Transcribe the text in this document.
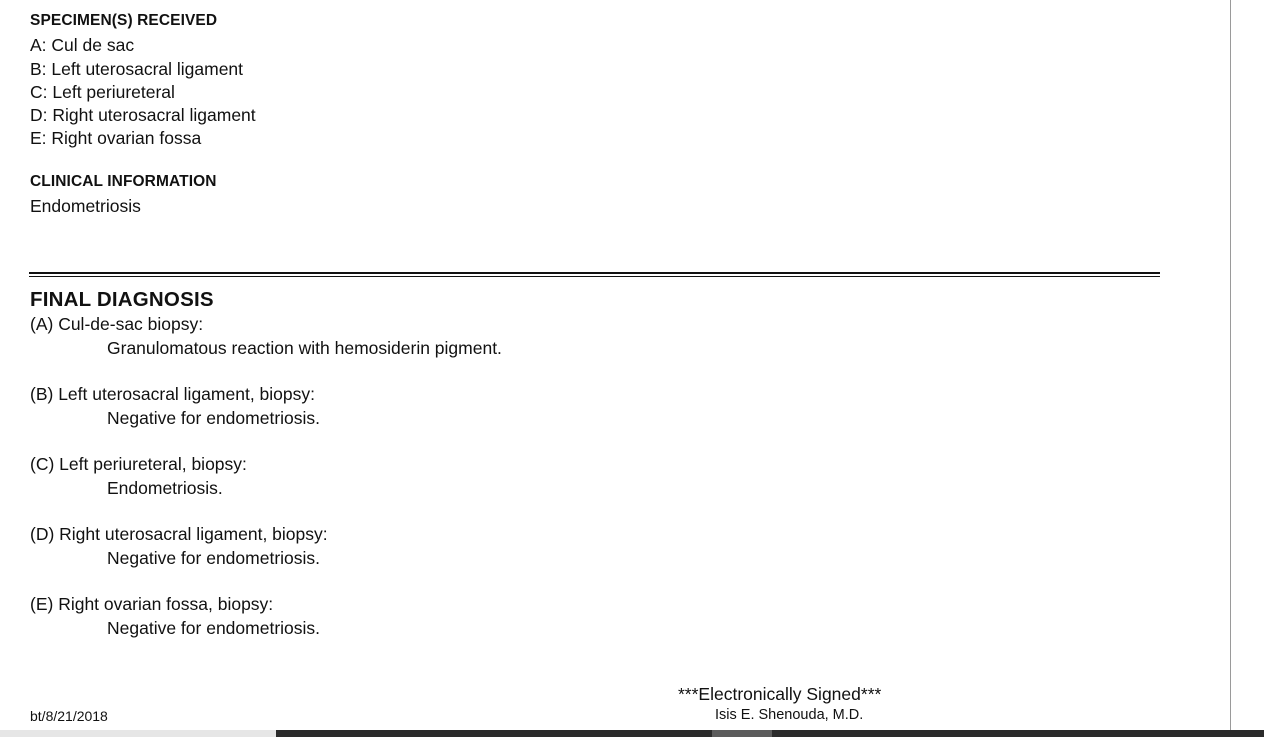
SPECIMEN(S) RECEIVED

A: Cul de sac

B: Left uterosacral ligament

C: Left periureteral

D: Right uterosacral ligament

E: Right ovarian fossa

CLINICAL INFORMATION

Endometriosis

FINAL DIAGNOSIS

(A) Cul-de-sac biopsy:

Granulomatous reaction with hemosiderin pigment.

(B) Left uterosacral ligament, biopsy:

Negative for endometriosis.

(C) Left periureteral, biopsy:

Endometriosis.

(D) Right uterosacral ligament, biopsy:

Negative for endometriosis.

(E) Right ovarian fossa, biopsy:

Negative for endometriosis.

bt/8/21/2018
***Electronically Signed***
Isis E. Shenouda, M.D.
